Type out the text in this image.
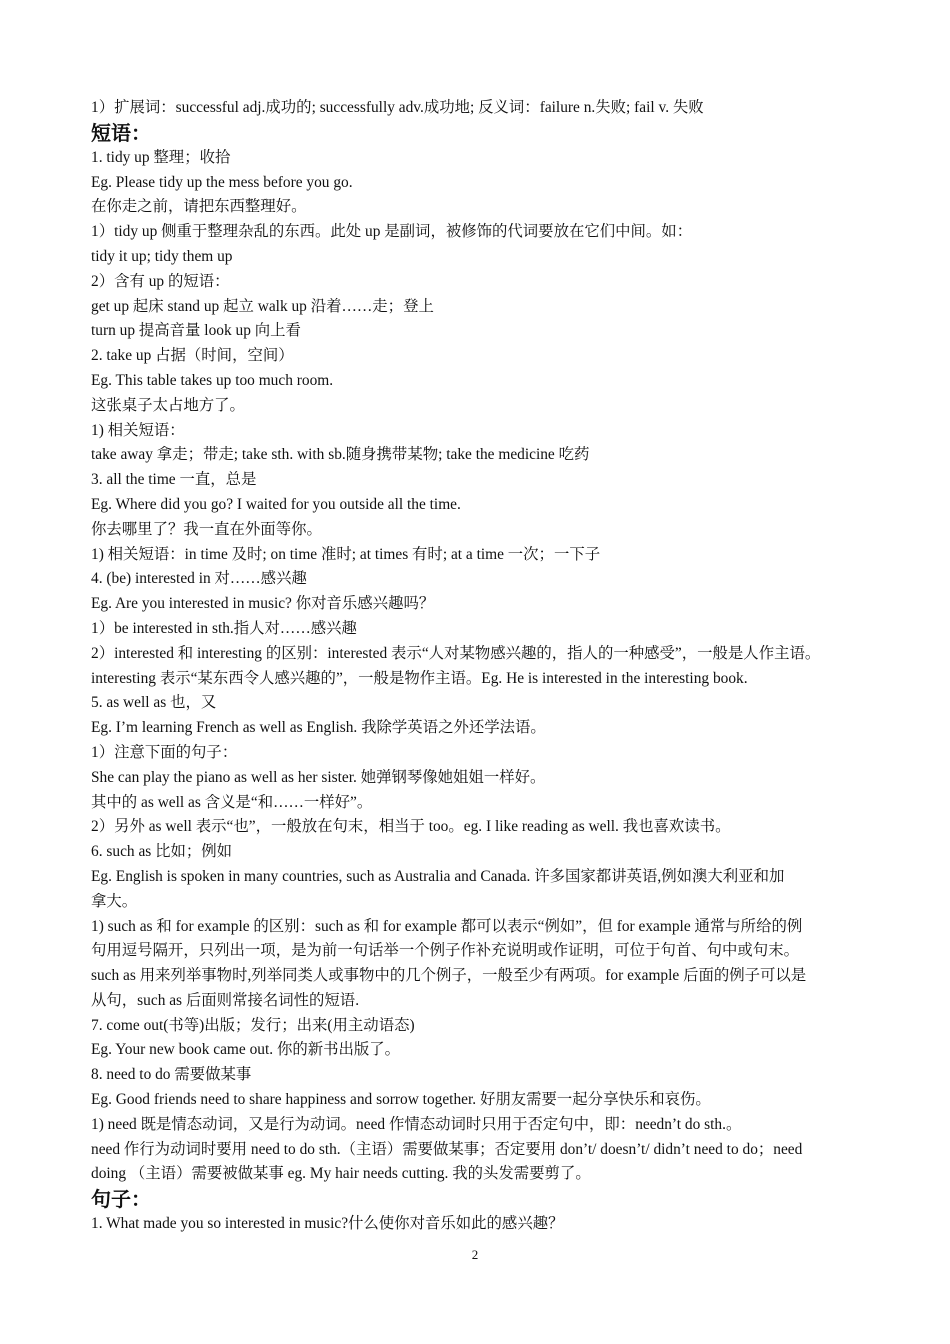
1）扩展词：successful adj.成功的; successfully adv.成功地; 反义词：failure n.失败; fail v. 失败
短语：
1. tidy up 整理；收拾
Eg. Please tidy up the mess before you go.
在你走之前，请把东西整理好。
1）tidy up 侧重于整理杂乱的东西。此处 up 是副词，被修饰的代词要放在它们中间。如：
tidy it up; tidy them up
2）含有 up 的短语：
get up 起床 stand up 起立 walk up 沿着……走；登上
turn up 提高音量 look up 向上看
2. take up 占据（时间，空间）
Eg. This table takes up too much room.
这张桌子太占地方了。
1) 相关短语：
take away 拿走；带走; take sth. with sb.随身携带某物; take the medicine 吃药
3. all the time 一直，总是
Eg. Where did you go? I waited for you outside all the time.
你去哪里了？我一直在外面等你。
1) 相关短语：in time 及时; on time 准时; at times 有时; at a time 一次；一下子
4. (be) interested in 对……感兴趣
Eg. Are you interested in music? 你对音乐感兴趣吗？
1）be interested in sth.指人对……感兴趣
2）interested 和 interesting 的区别：interested 表示“人对某物感兴趣的，指人的一种感受”，一般是人作主语。
interesting 表示“某东西令人感兴趣的”，一般是物作主语。Eg. He is interested in the interesting book.
5. as well as 也，又
Eg. I’m learning French as well as English. 我除学英语之外还学法语。
1）注意下面的句子：
She can play the piano as well as her sister. 她弹钢琴像她姐姐一样好。
其中的 as well as 含义是“和……一样好”。
2）另外 as well 表示“也”，一般放在句末，相当于 too。eg. I like reading as well. 我也喜欢读书。
6. such as 比如；例如
Eg. English is spoken in many countries, such as Australia and Canada. 许多国家都讲英语,例如澳大利亚和加
拿大。
1) such as 和 for example 的区别：such as 和 for example 都可以表示“例如”，但 for example 通常与所给的例
句用逗号隔开，只列出一项，是为前一句话举一个例子作补充说明或作证明，可位于句首、句中或句末。
such as 用来列举事物时,列举同类人或事物中的几个例子，一般至少有两项。for example 后面的例子可以是
从句，such as 后面则常接名词性的短语.
7. come out(书等)出版；发行；出来(用主动语态)
Eg. Your new book came out. 你的新书出版了。
8. need to do 需要做某事
Eg. Good friends need to share happiness and sorrow together. 好朋友需要一起分享快乐和哀伤。
1) need 既是情态动词，又是行为动词。need 作情态动词时只用于否定句中，即：needn’t do sth.。
need 作行为动词时要用 need to do sth.（主语）需要做某事；否定要用 don’t/ doesn’t/ didn’t need to do；need
doing （主语）需要被做某事 eg. My hair needs cutting. 我的头发需要剪了。
句子：
1. What made you so interested in music?什么使你对音乐如此的感兴趣？
2
